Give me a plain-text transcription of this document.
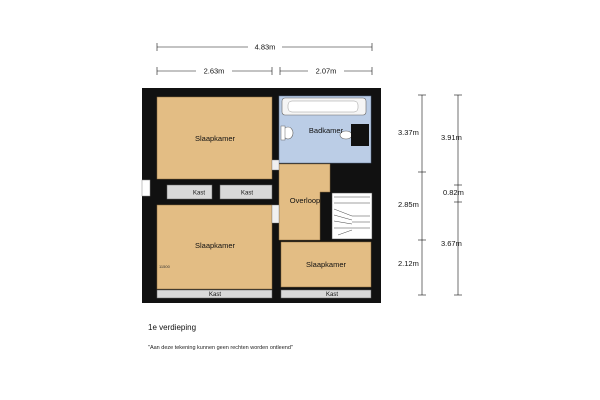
4.83m
2.63m	2.07m
3.37m
2.85m
2.12m
3.91m
0.82m
3.67m
Slaapkamer
Badkamer
Kast	Kast
Overloop
Slaapkamer
11500	Slaapkamer
Kast	Kast
1e verdieping
"Aan deze tekening kunnen geen rechten worden ontleend"
